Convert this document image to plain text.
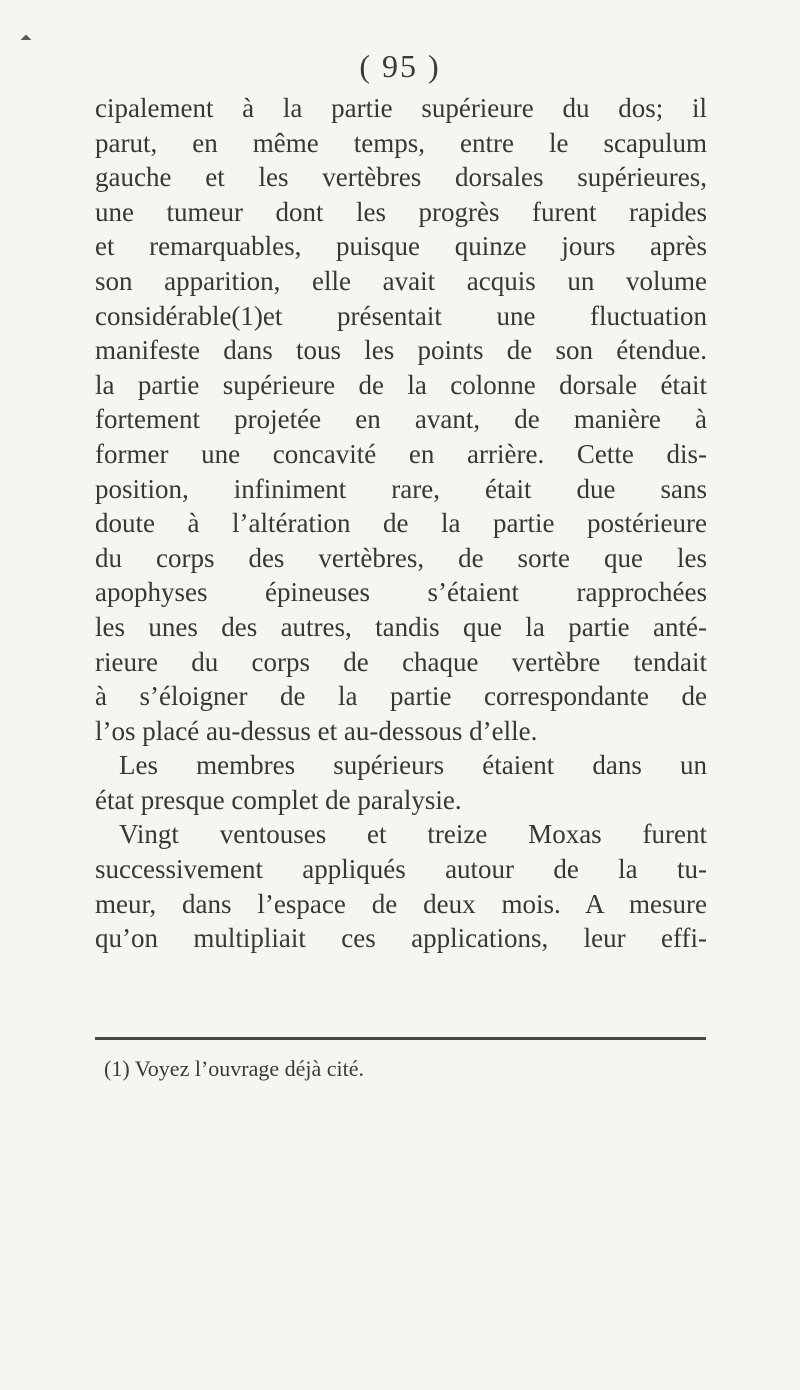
( 95 )
cipalement à la partie supérieure du dos; il
parut, en même temps, entre le scapulum
gauche et les vertèbres dorsales supérieures,
une tumeur dont les progrès furent rapides
et remarquables, puisque quinze jours après
son apparition, elle avait acquis un volume
considérable(1)et présentait une fluctuation
manifeste dans tous les points de son étendue.
la partie supérieure de la colonne dorsale était
fortement projetée en avant, de manière à
former une concavité en arrière. Cette dis-
position, infiniment rare, était due sans
doute à l’altération de la partie postérieure
du corps des vertèbres, de sorte que les
apophyses épineuses s’étaient rapprochées
les unes des autres, tandis que la partie anté-
rieure du corps de chaque vertèbre tendait
à s’éloigner de la partie correspondante de
l’os placé au-dessus et au-dessous d’elle.
Les membres supérieurs étaient dans un
état presque complet de paralysie.
Vingt ventouses et treize Moxas furent
successivement appliqués autour de la tu-
meur, dans l’espace de deux mois. A mesure
qu’on multipliait ces applications, leur effi-
(1) Voyez l’ouvrage déjà cité.
